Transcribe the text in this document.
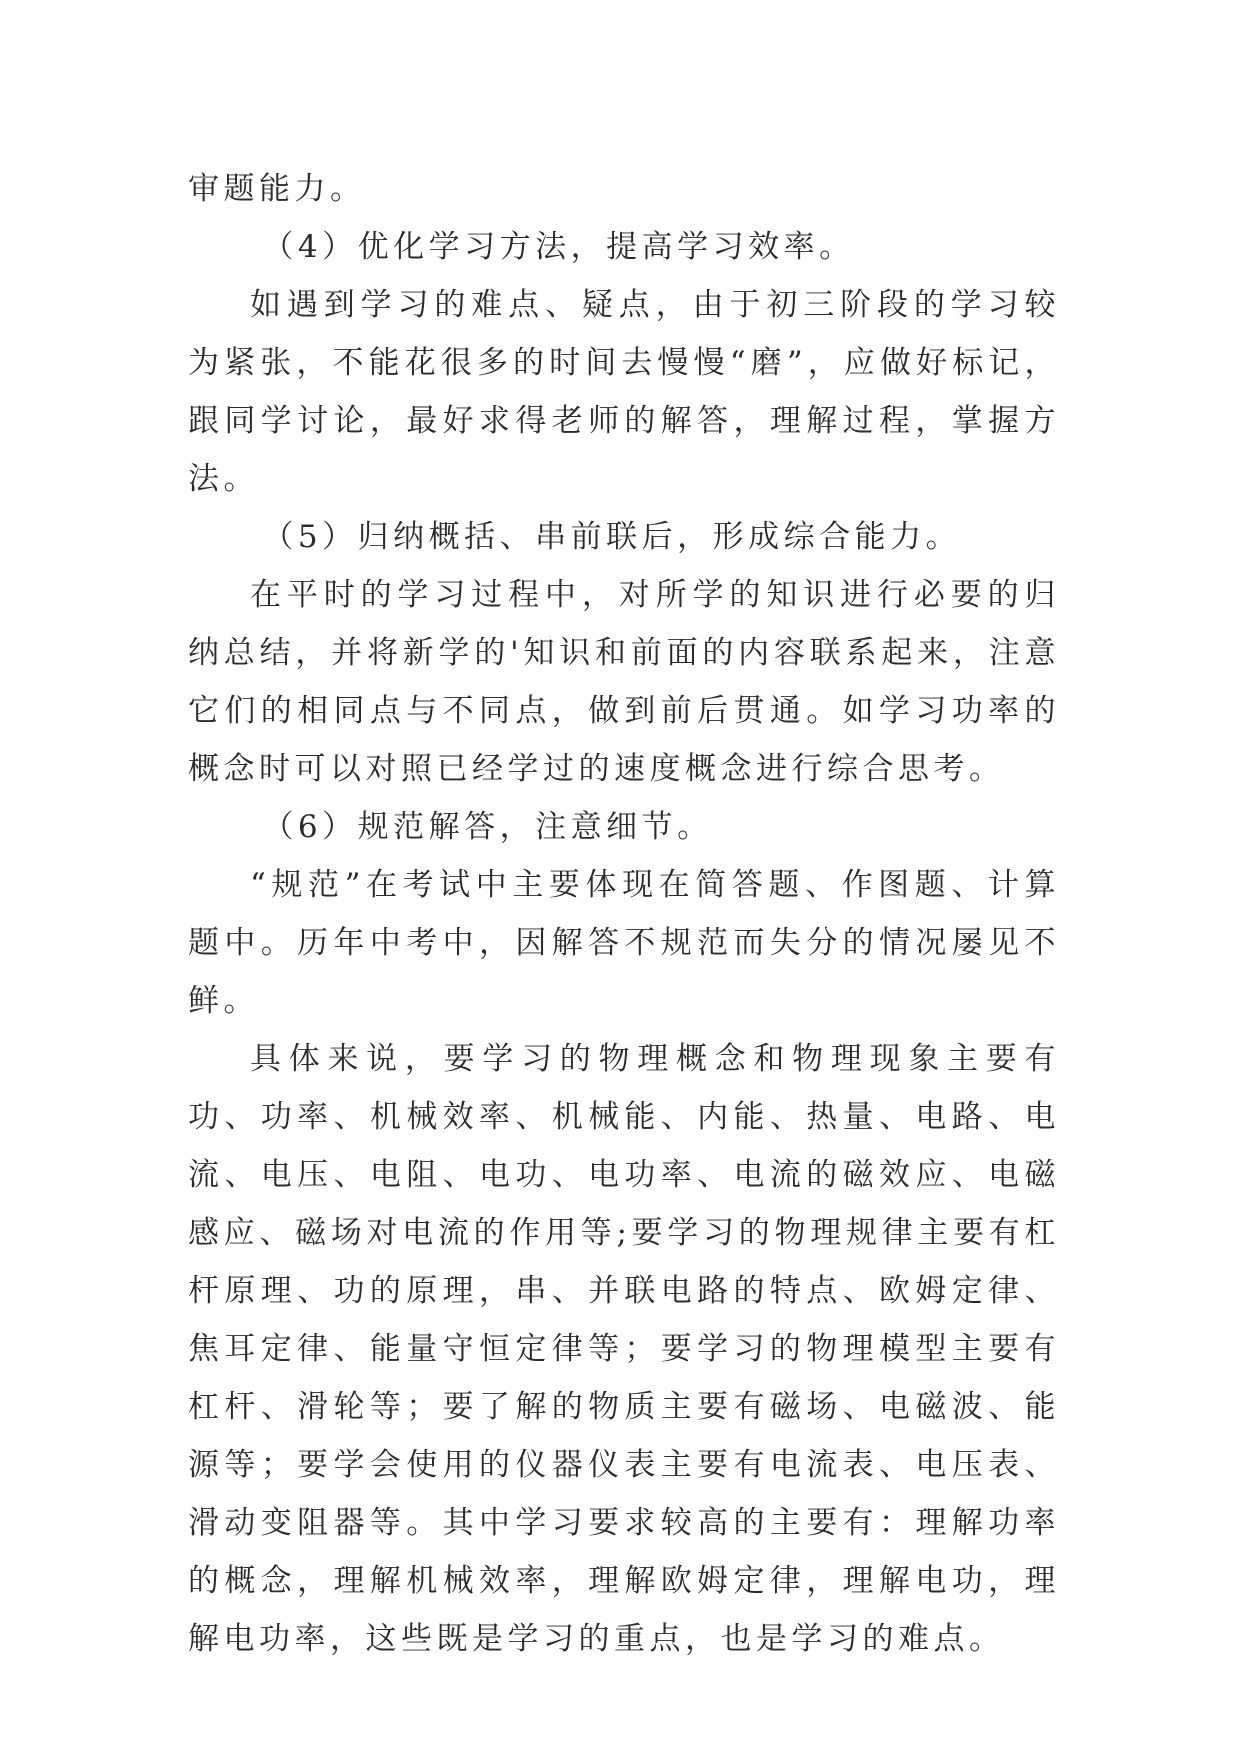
审题能力。

（4）优化学习方法，提高学习效率。

如遇到学习的难点、疑点，由于初三阶段的学习较为紧张，不能花很多的时间去慢慢“磨”，应做好标记，跟同学讨论，最好求得老师的解答，理解过程，掌握方法。

（5）归纳概括、串前联后，形成综合能力。

在平时的学习过程中，对所学的知识进行必要的归纳总结，并将新学的'知识和前面的内容联系起来，注意它们的相同点与不同点，做到前后贯通。如学习功率的概念时可以对照已经学过的速度概念进行综合思考。

（6）规范解答，注意细节。

“规范”在考试中主要体现在简答题、作图题、计算题中。历年中考中，因解答不规范而失分的情况屡见不鲜。

具体来说，要学习的物理概念和物理现象主要有功、功率、机械效率、机械能、内能、热量、电路、电流、电压、电阻、电功、电功率、电流的磁效应、电磁感应、磁场对电流的作用等;要学习的物理规律主要有杠杆原理、功的原理，串、并联电路的特点、欧姆定律、焦耳定律、能量守恒定律等；要学习的物理模型主要有杠杆、滑轮等；要了解的物质主要有磁场、电磁波、能源等；要学会使用的仪器仪表主要有电流表、电压表、滑动变阻器等。其中学习要求较高的主要有：理解功率的概念，理解机械效率，理解欧姆定律，理解电功，理解电功率，这些既是学习的重点，也是学习的难点。
